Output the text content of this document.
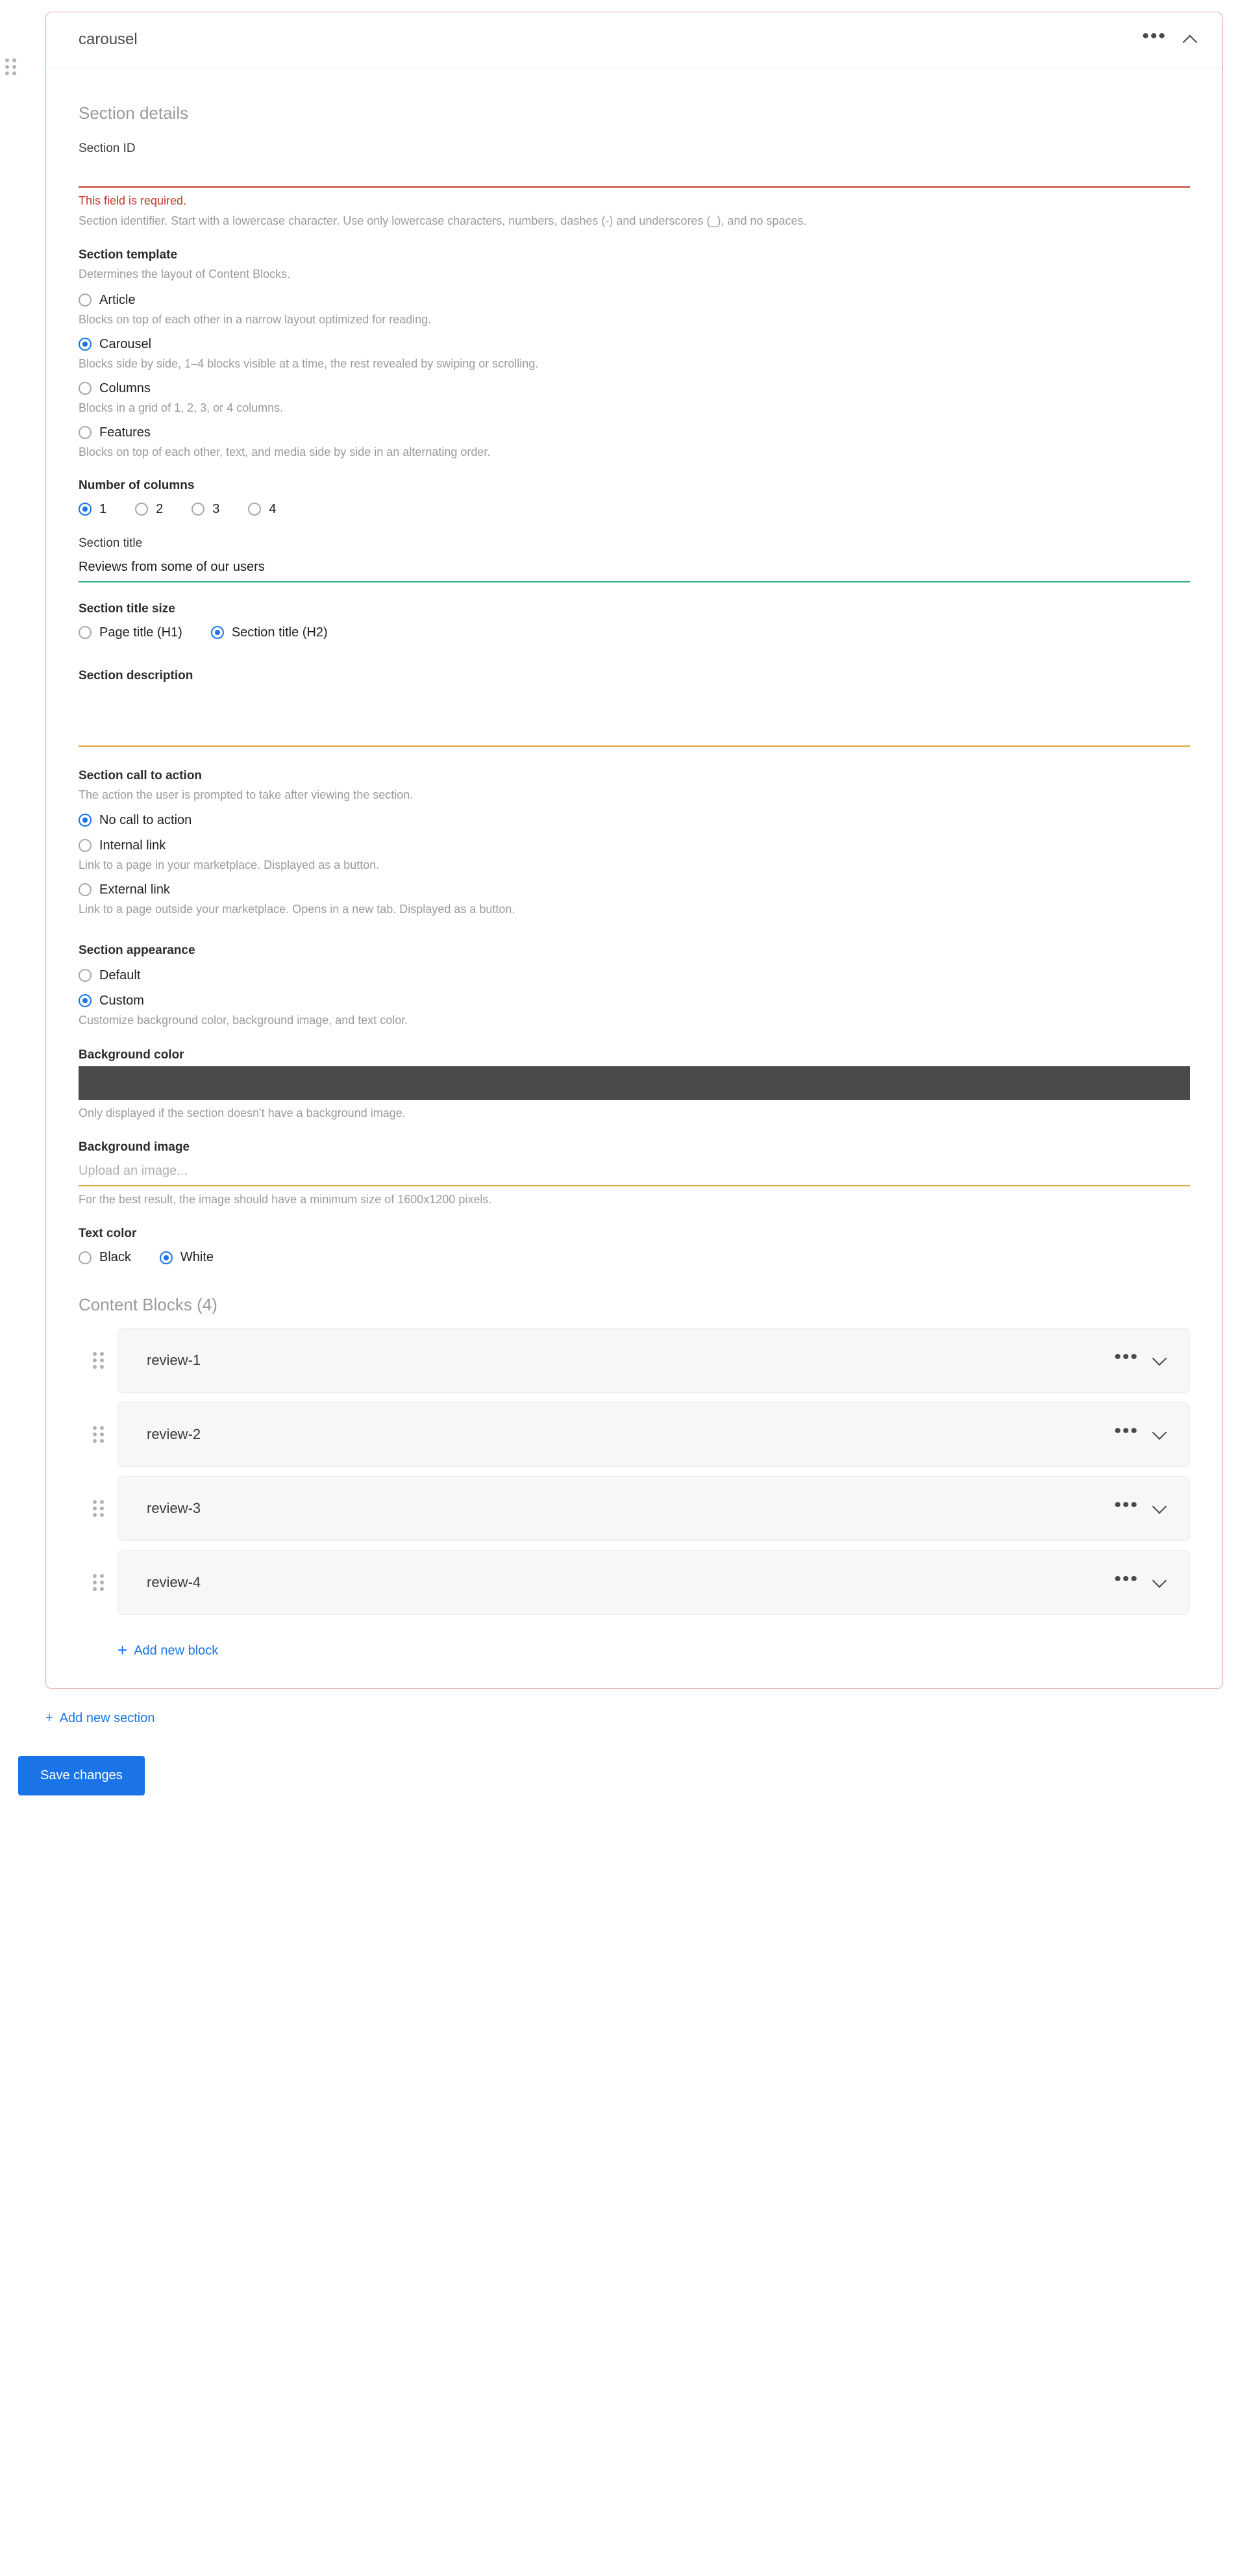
carousel	•••
Section details
Section ID
This field is required.
Section identifier. Start with a lowercase character. Use only lowercase characters, numbers, dashes (-) and underscores (_), and no spaces.
Section template
Determines the layout of Content Blocks.
Article
Blocks on top of each other in a narrow layout optimized for reading.
Carousel
Blocks side by side, 1–4 blocks visible at a time, the rest revealed by swiping or scrolling.
Columns
Blocks in a grid of 1, 2, 3, or 4 columns.
Features
Blocks on top of each other, text, and media side by side in an alternating order.
Number of columns
1	2	3	4
Section title
Reviews from some of our users
Section title size
Page title (H1)	Section title (H2)
Section description
Section call to action
The action the user is prompted to take after viewing the section.
No call to action
Internal link
Link to a page in your marketplace. Displayed as a button.
External link
Link to a page outside your marketplace. Opens in a new tab. Displayed as a button.
Section appearance
Default
Custom
Customize background color, background image, and text color.
Background color
Only displayed if the section doesn't have a background image.
Background image
Upload an image...
For the best result, the image should have a minimum size of 1600x1200 pixels.
Text color
Black	White
Content Blocks (4)
review-1	•••
review-2	•••
review-3	•••
review-4	•••
+ Add new block
+ Add new section
Save changes
